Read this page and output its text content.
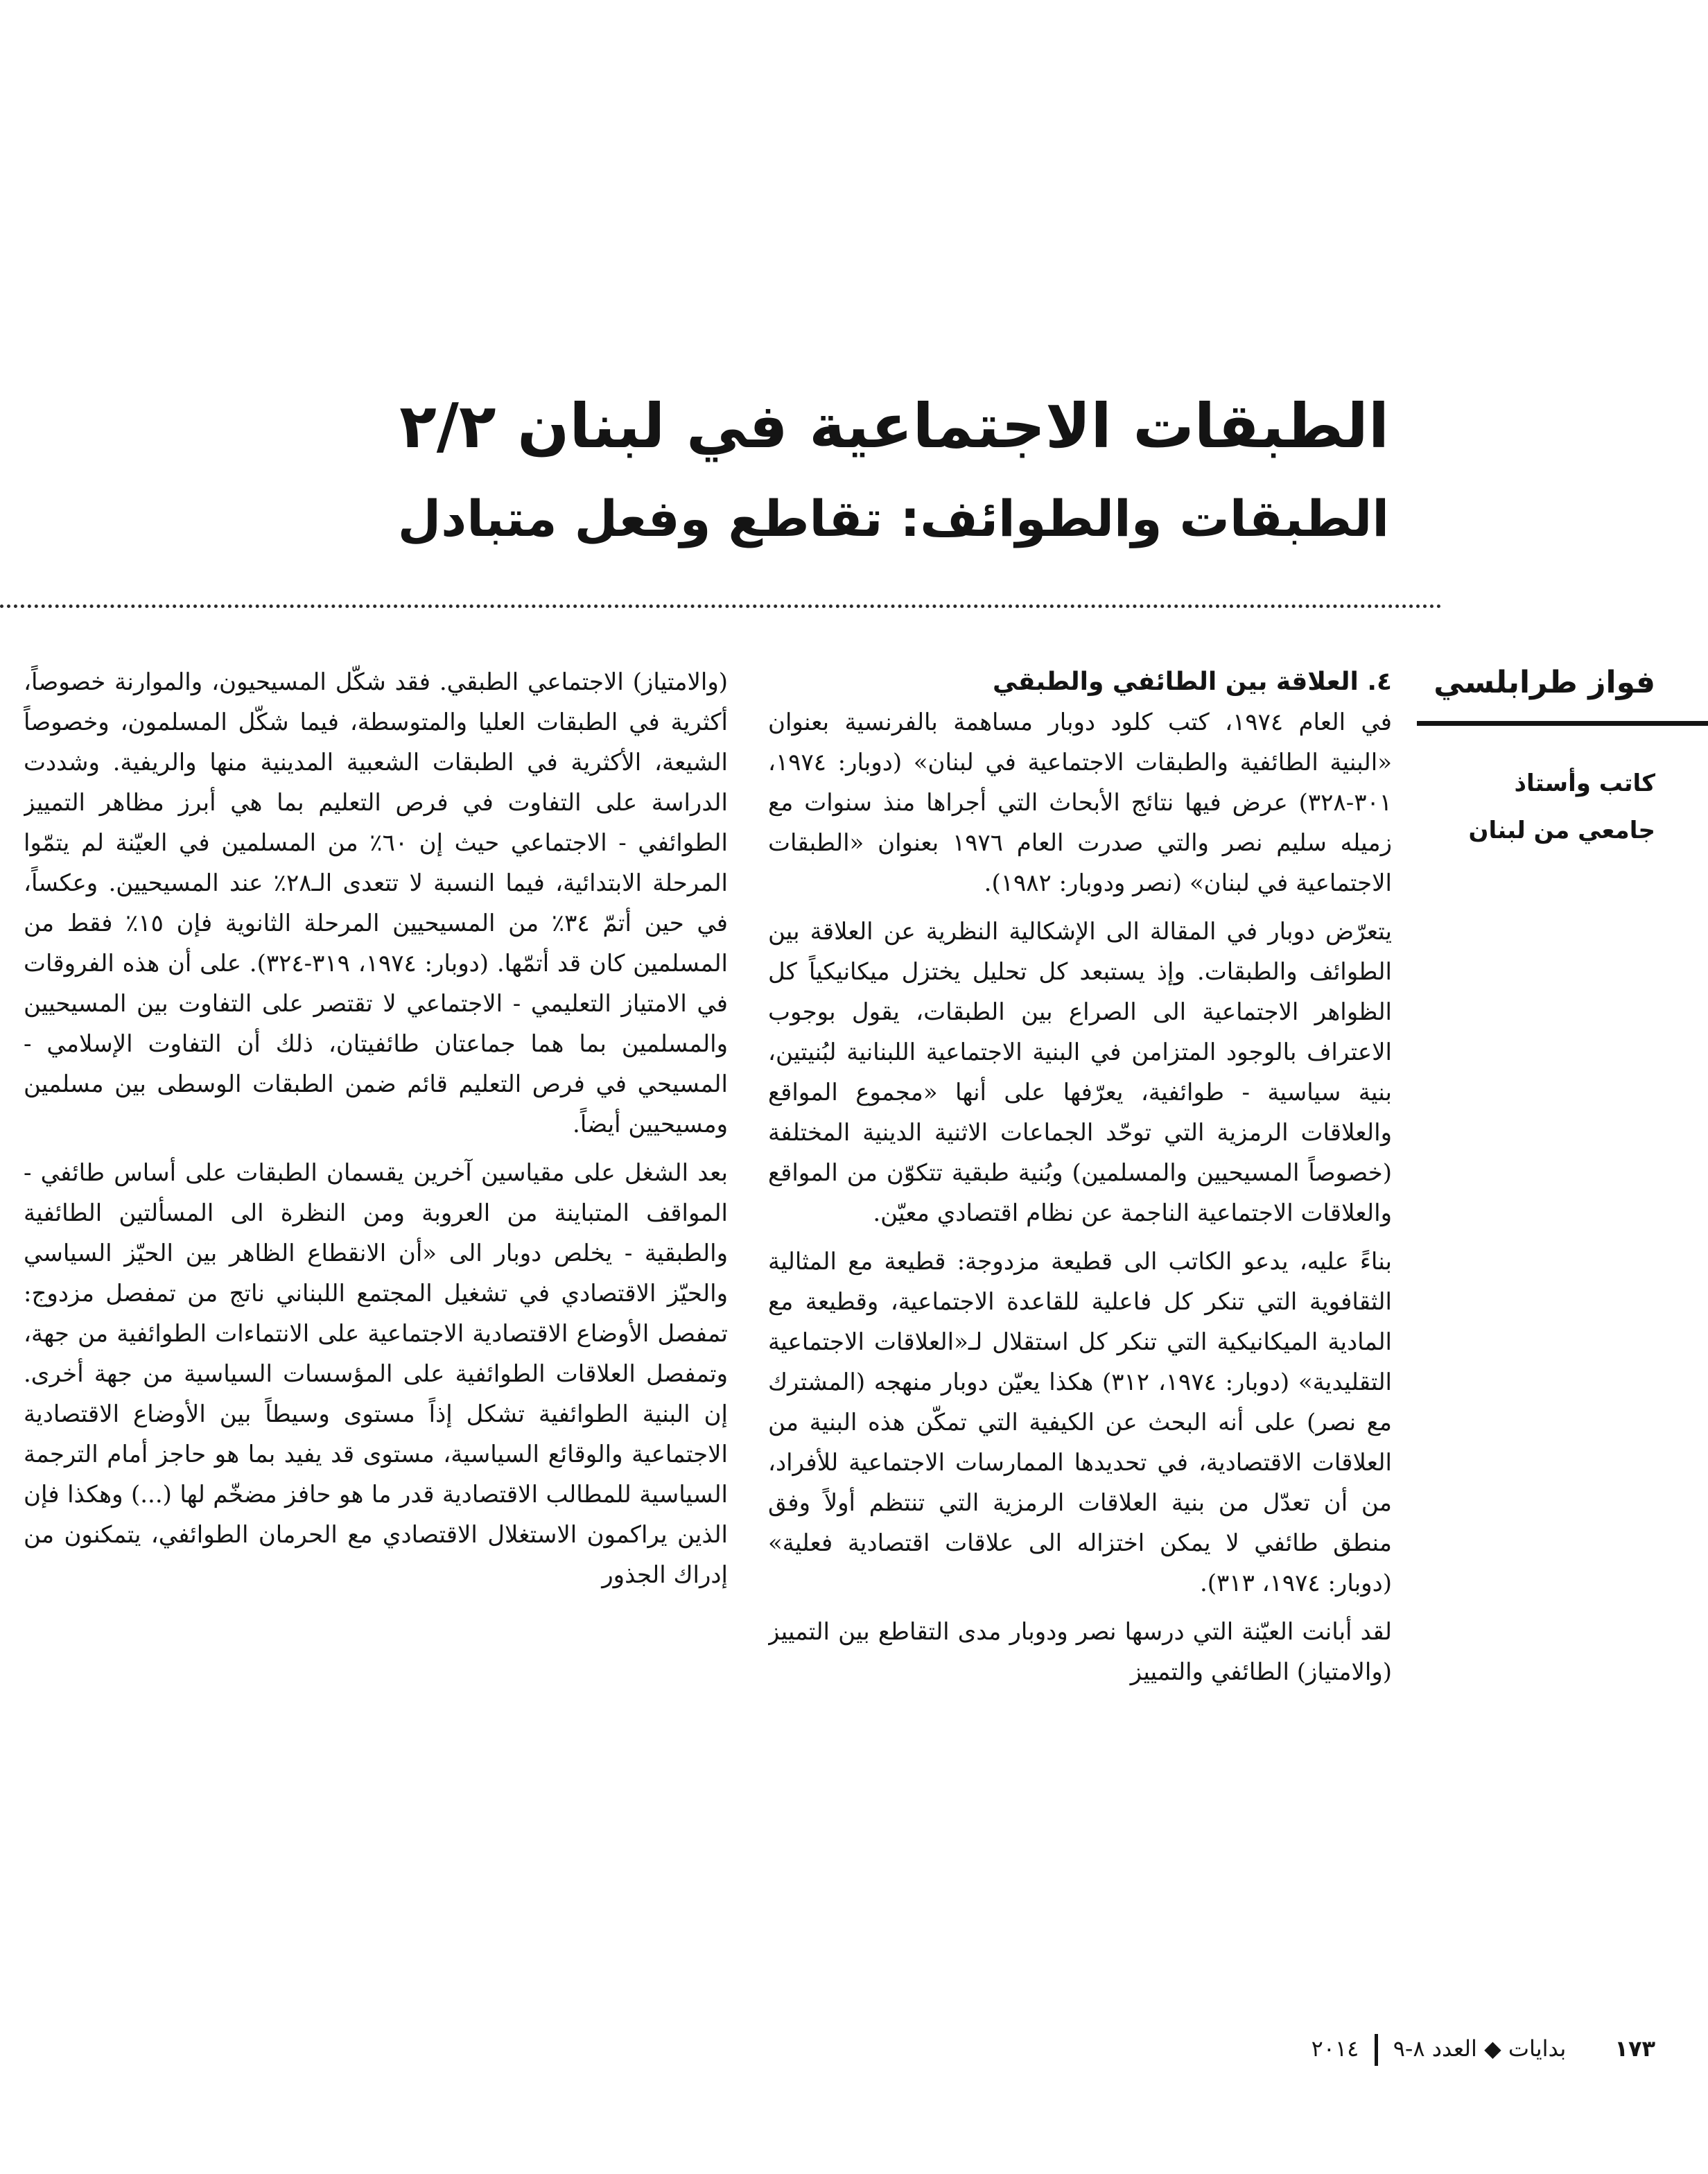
الطبقات الاجتماعية في لبنان ٢/٢
الطبقات والطوائف: تقاطع وفعل متبادل
فواز طرابلسي
كاتب وأستاذ
جامعي من لبنان
٤. العلاقة بين الطائفي والطبقي

في العام ١٩٧٤، كتب كلود دوبار مساهمة بالفرنسية بعنوان «البنية الطائفية والطبقات الاجتماعية في لبنان» (دوبار: ١٩٧٤، ٣٠١-٣٢٨) عرض فيها نتائج الأبحاث التي أجراها منذ سنوات مع زميله سليم نصر والتي صدرت العام ١٩٧٦ بعنوان «الطبقات الاجتماعية في لبنان» (نصر ودوبار: ١٩٨٢).

يتعرّض دوبار في المقالة الى الإشكالية النظرية عن العلاقة بين الطوائف والطبقات. وإذ يستبعد كل تحليل يختزل ميكانيكياً كل الظواهر الاجتماعية الى الصراع بين الطبقات، يقول بوجوب الاعتراف بالوجود المتزامن في البنية الاجتماعية اللبنانية لبُنيتين، بنية سياسية - طوائفية، يعرّفها على أنها «مجموع المواقع والعلاقات الرمزية التي توحّد الجماعات الاثنية الدينية المختلفة (خصوصاً المسيحيين والمسلمين) وبُنية طبقية تتكوّن من المواقع والعلاقات الاجتماعية الناجمة عن نظام اقتصادي معيّن.

بناءً عليه، يدعو الكاتب الى قطيعة مزدوجة: قطيعة مع المثالية الثقافوية التي تنكر كل فاعلية للقاعدة الاجتماعية، وقطيعة مع المادية الميكانيكية التي تنكر كل استقلال لـ«العلاقات الاجتماعية التقليدية» (دوبار: ١٩٧٤، ٣١٢) هكذا يعيّن دوبار منهجه (المشترك مع نصر) على أنه البحث عن الكيفية التي تمكّن هذه البنية من العلاقات الاقتصادية، في تحديدها الممارسات الاجتماعية للأفراد، من أن تعدّل من بنية العلاقات الرمزية التي تنتظم أولاً وفق منطق طائفي لا يمكن اختزاله الى علاقات اقتصادية فعلية» (دوبار: ١٩٧٤، ٣١٣).

لقد أبانت العيّنة التي درسها نصر ودوبار مدى التقاطع بين التمييز (والامتياز) الطائفي والتمييز

(والامتياز) الاجتماعي الطبقي. فقد شكّل المسيحيون، والموارنة خصوصاً، أكثرية في الطبقات العليا والمتوسطة، فيما شكّل المسلمون، وخصوصاً الشيعة، الأكثرية في الطبقات الشعبية المدينية منها والريفية. وشددت الدراسة على التفاوت في فرص التعليم بما هي أبرز مظاهر التمييز الطوائفي - الاجتماعي حيث إن ٦٠٪ من المسلمين في العيّنة لم يتمّوا المرحلة الابتدائية، فيما النسبة لا تتعدى الـ٢٨٪ عند المسيحيين. وعكساً، في حين أتمّ ٣٤٪ من المسيحيين المرحلة الثانوية فإن ١٥٪ فقط من المسلمين كان قد أتمّها. (دوبار: ١٩٧٤، ٣١٩-٣٢٤). على أن هذه الفروقات في الامتياز التعليمي - الاجتماعي لا تقتصر على التفاوت بين المسيحيين والمسلمين بما هما جماعتان طائفيتان، ذلك أن التفاوت الإسلامي - المسيحي في فرص التعليم قائم ضمن الطبقات الوسطى بين مسلمين ومسيحيين أيضاً.

بعد الشغل على مقياسين آخرين يقسمان الطبقات على أساس طائفي - المواقف المتباينة من العروبة ومن النظرة الى المسألتين الطائفية والطبقية - يخلص دوبار الى «أن الانقطاع الظاهر بين الحيّز السياسي والحيّز الاقتصادي في تشغيل المجتمع اللبناني ناتج من تمفصل مزدوج: تمفصل الأوضاع الاقتصادية الاجتماعية على الانتماءات الطوائفية من جهة، وتمفصل العلاقات الطوائفية على المؤسسات السياسية من جهة أخرى. إن البنية الطوائفية تشكل إذاً مستوى وسيطاً بين الأوضاع الاقتصادية الاجتماعية والوقائع السياسية، مستوى قد يفيد بما هو حاجز أمام الترجمة السياسية للمطالب الاقتصادية قدر ما هو حافز مضخّم لها (...) وهكذا فإن الذين يراكمون الاستغلال الاقتصادي مع الحرمان الطوائفي، يتمكنون من إدراك الجذور

١٧٣ بدايات ◆ العدد ٨-٩  ٢٠١٤
